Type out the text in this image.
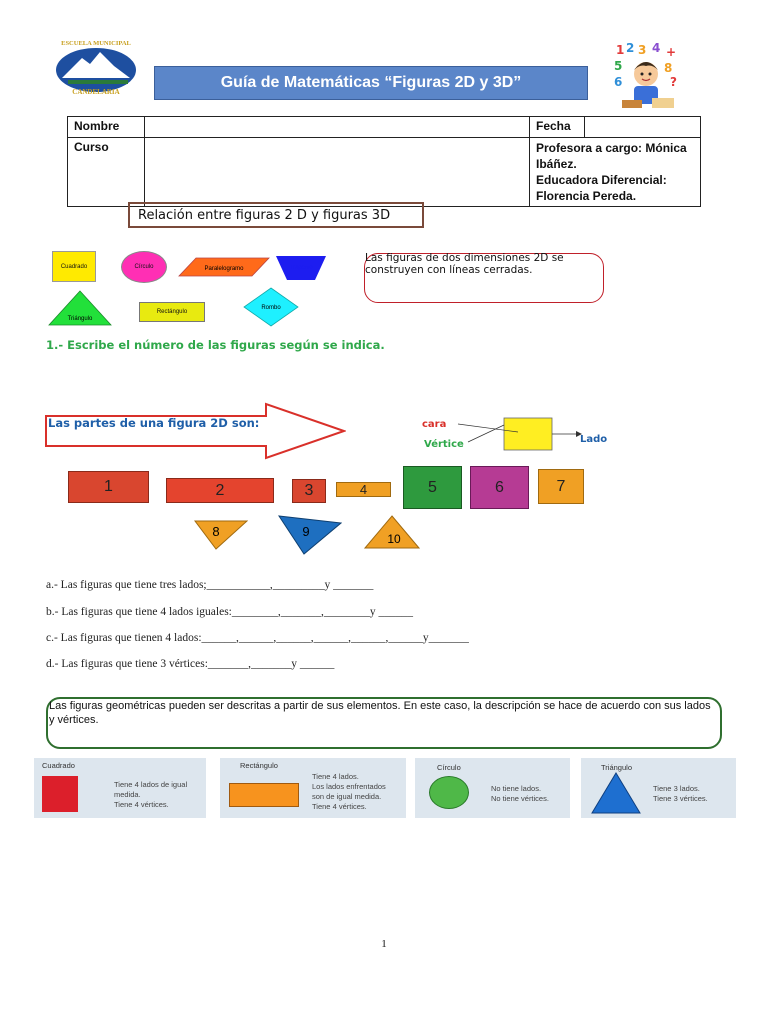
ESCUELA MUNICIPAL
CANDELARIA
Guía de Matemáticas “Figuras 2D y 3D”
1 2 3 4 +
5	8
?
6
Nombre		Fecha	
Curso		Profesora a cargo: Mónica Ibáñez.
Educadora Diferencial: Florencia Pereda.	
Relación entre figuras 2 D y figuras 3D
Cuadrado	Círculo	Paralelogramo	Trapecio
Triángulo
Rectángulo
Rombo
Las figuras de dos dimensiones 2D se construyen con líneas cerradas.
1.- Escribe el número de las figuras según se indica.
Las partes de una figura 2D son:	cara
Vértice	Lado
1	2	3	4	5	6	7
8	9	10
a.- Las figuras que tiene tres lados;___________,_________y _______
b.- Las figuras que tiene 4 lados iguales:________,_______,________y ______
c.- Las figuras que tienen 4 lados:______,______,______,______,______,______y_______
d.- Las figuras que tiene 3 vértices:_______,_______y ______
Las figuras geométricas pueden ser descritas a partir de sus elementos. En este caso, la descripción se hace de acuerdo con sus lados y vértices.
Cuadrado
Tiene 4 lados de igual
medida.
Tiene 4 vértices.
Rectángulo
Tiene 4 lados.
Los lados enfrentados
son de igual medida.
Tiene 4 vértices.
Círculo
No tiene lados.
No tiene vértices.
Triángulo
Tiene 3 lados.
Tiene 3 vértices.
1
